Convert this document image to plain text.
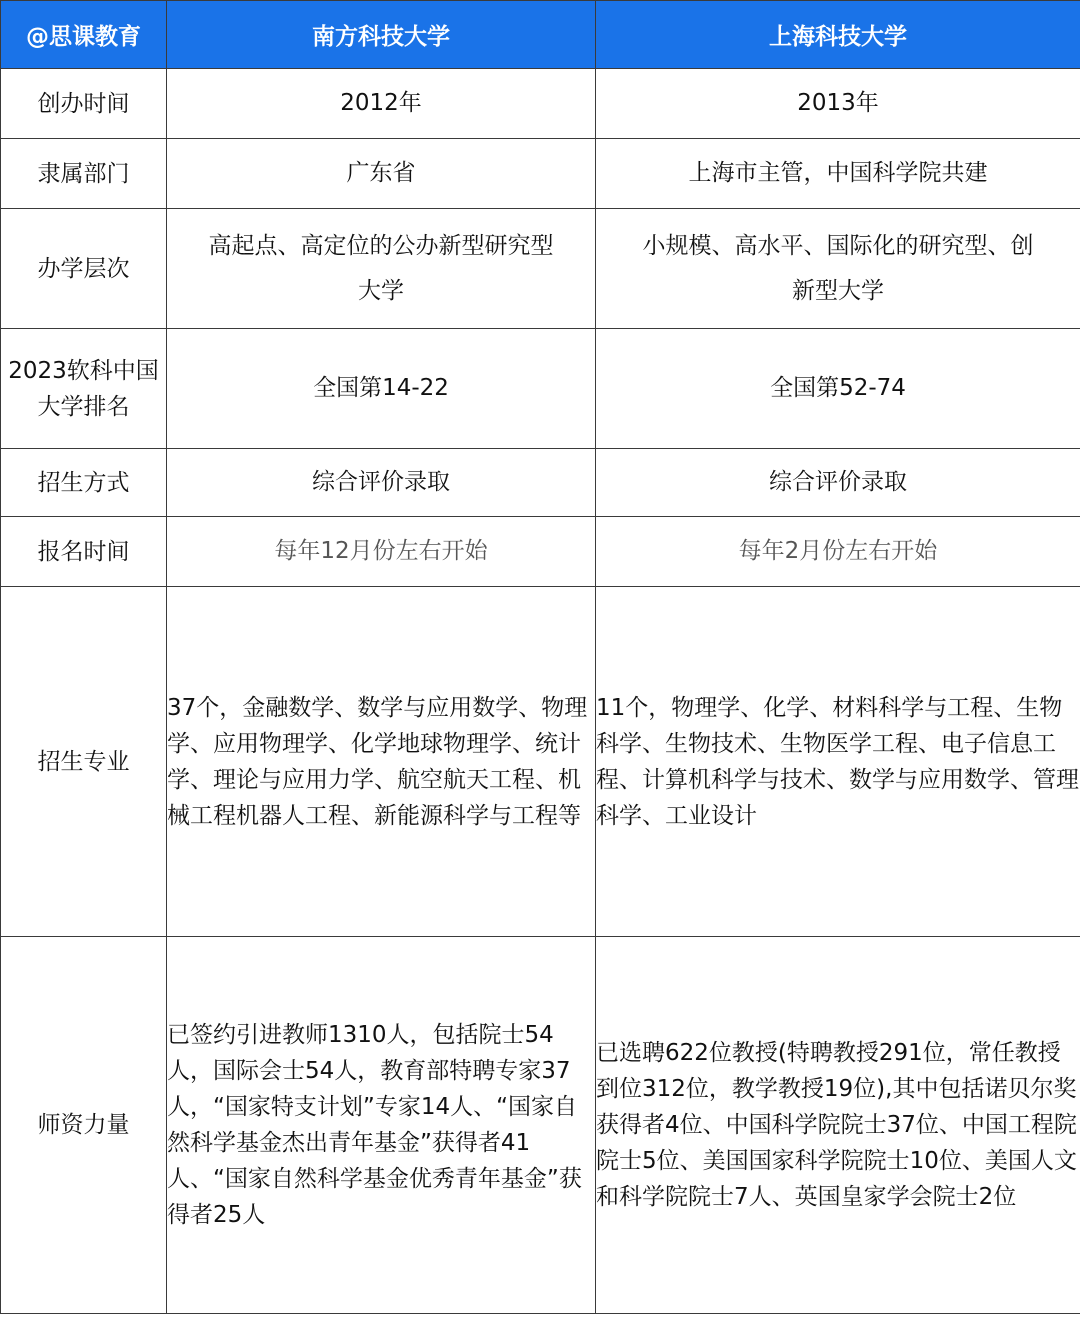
@思课教育	南方科技大学	上海科技大学
创办时间	2012年	2013年
隶属部门	广东省	上海市主管，中国科学院共建
办学层次	高起点、高定位的公办新型研究型大学	小规模、高水平、国际化的研究型、创新型大学
2023软科中国大学排名	全国第14-22	全国第52-74
招生方式	综合评价录取	综合评价录取
报名时间	每年12月份左右开始	每年2月份左右开始
招生专业	37个，金融数学、数学与应用数学、物理学、应用物理学、化学地球物理学、统计学、理论与应用力学、航空航天工程、机械工程机器人工程、新能源科学与工程等	11个，物理学、化学、材料科学与工程、生物科学、生物技术、生物医学工程、电子信息工程、计算机科学与技术、数学与应用数学、管理科学、工业设计
师资力量	已签约引进教师1310人，包括院士54人，国际会士54人，教育部特聘专家37人，“国家特支计划”专家14人、“国家自然科学基金杰出青年基金”获得者41人、“国家自然科学基金优秀青年基金”获得者25人	已选聘622位教授(特聘教授291位，常任教授到位312位，教学教授19位),其中包括诺贝尔奖获得者4位、中国科学院院士37位、中国工程院院士5位、美国国家科学院院士10位、美国人文和科学院院士7人、英国皇家学会院士2位
